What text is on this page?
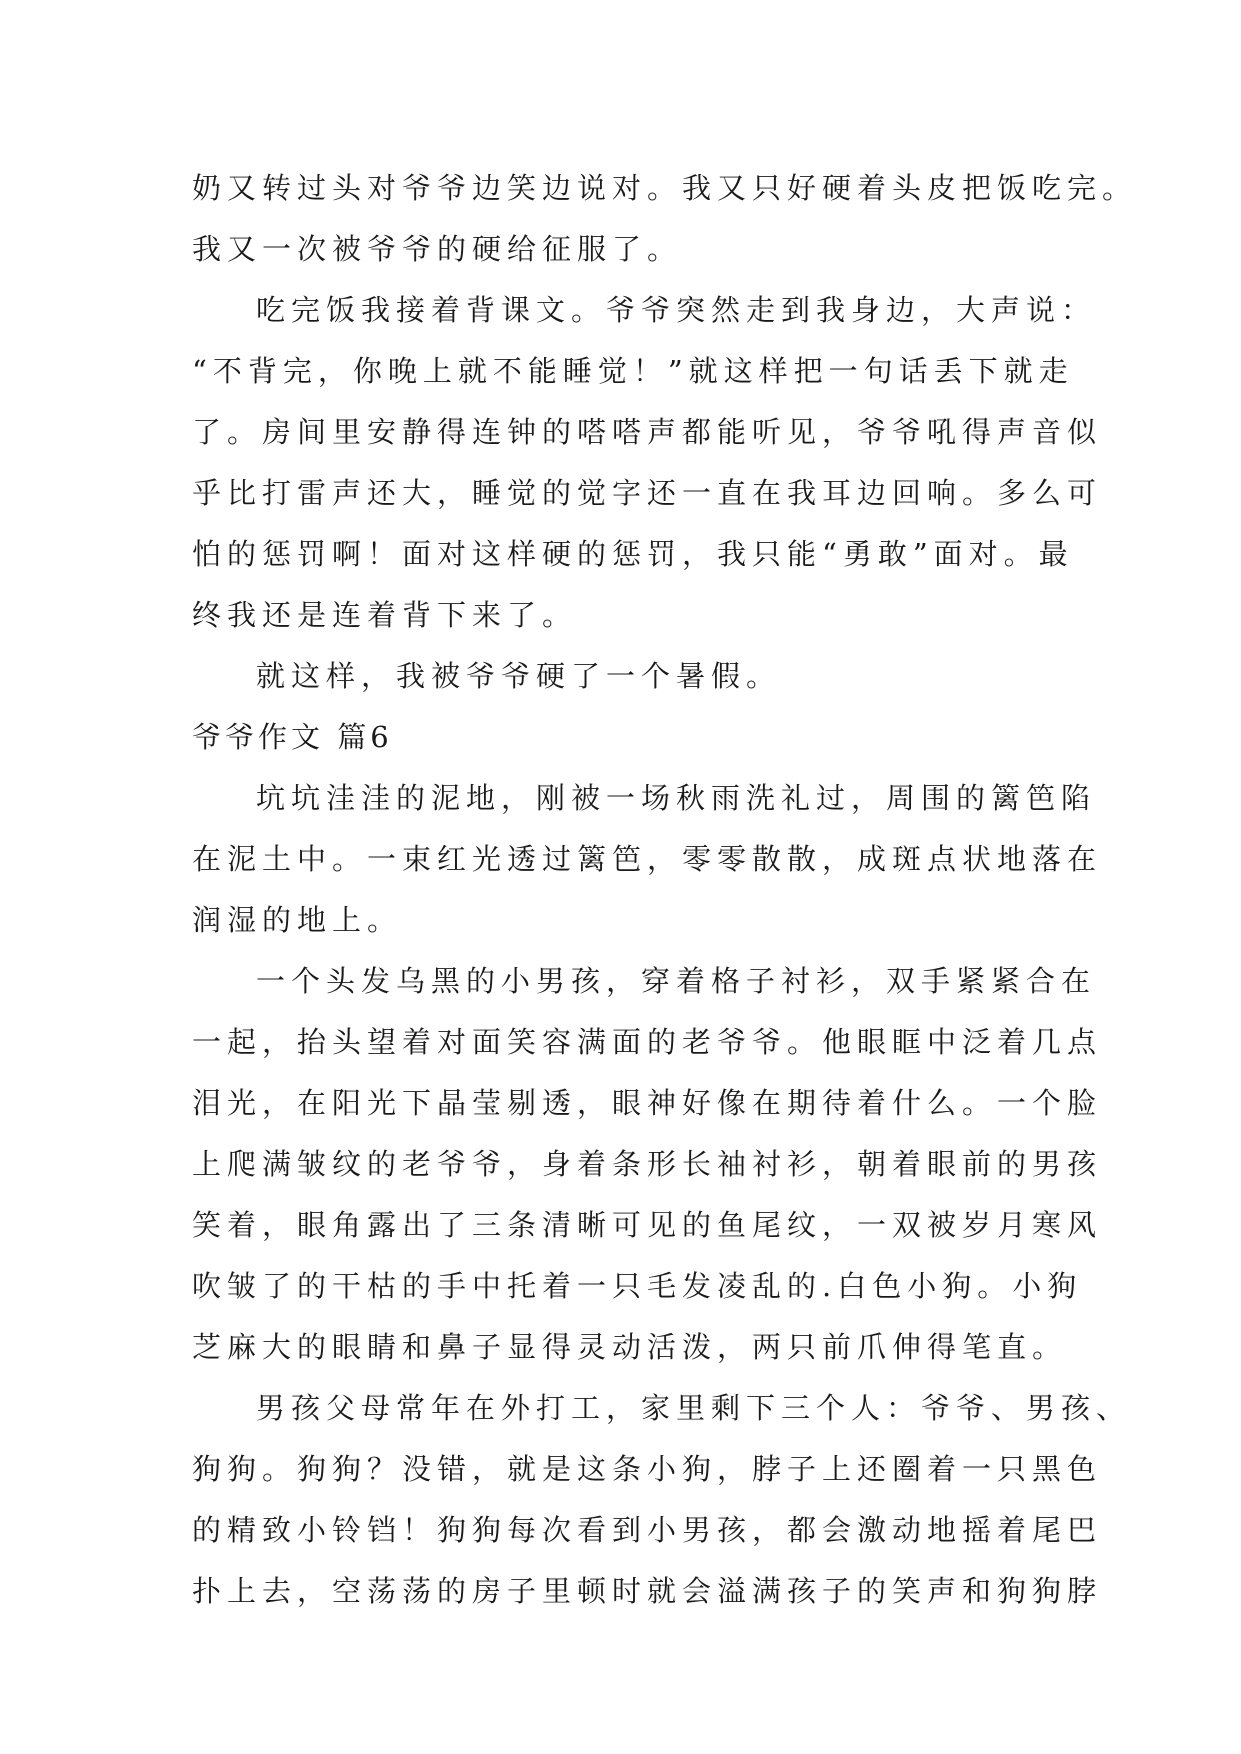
奶又转过头对爷爷边笑边说对。我又只好硬着头皮把饭吃完。

我又一次被爷爷的硬给征服了。

吃完饭我接着背课文。爷爷突然走到我身边，大声说：

“不背完，你晚上就不能睡觉！”就这样把一句话丢下就走

了。房间里安静得连钟的嗒嗒声都能听见，爷爷吼得声音似

乎比打雷声还大，睡觉的觉字还一直在我耳边回响。多么可

怕的惩罚啊！面对这样硬的惩罚，我只能“勇敢”面对。最

终我还是连着背下来了。

就这样，我被爷爷硬了一个暑假。

爷爷作文 篇6

坑坑洼洼的泥地，刚被一场秋雨洗礼过，周围的篱笆陷

在泥土中。一束红光透过篱笆，零零散散，成斑点状地落在

润湿的地上。

一个头发乌黑的小男孩，穿着格子衬衫，双手紧紧合在

一起，抬头望着对面笑容满面的老爷爷。他眼眶中泛着几点

泪光，在阳光下晶莹剔透，眼神好像在期待着什么。一个脸

上爬满皱纹的老爷爷，身着条形长袖衬衫，朝着眼前的男孩

笑着，眼角露出了三条清晰可见的鱼尾纹，一双被岁月寒风

吹皱了的干枯的手中托着一只毛发凌乱的.白色小狗。小狗

芝麻大的眼睛和鼻子显得灵动活泼，两只前爪伸得笔直。

男孩父母常年在外打工，家里剩下三个人：爷爷、男孩、

狗狗。狗狗？没错，就是这条小狗，脖子上还圈着一只黑色

的精致小铃铛！狗狗每次看到小男孩，都会激动地摇着尾巴

扑上去，空荡荡的房子里顿时就会溢满孩子的笑声和狗狗脖
